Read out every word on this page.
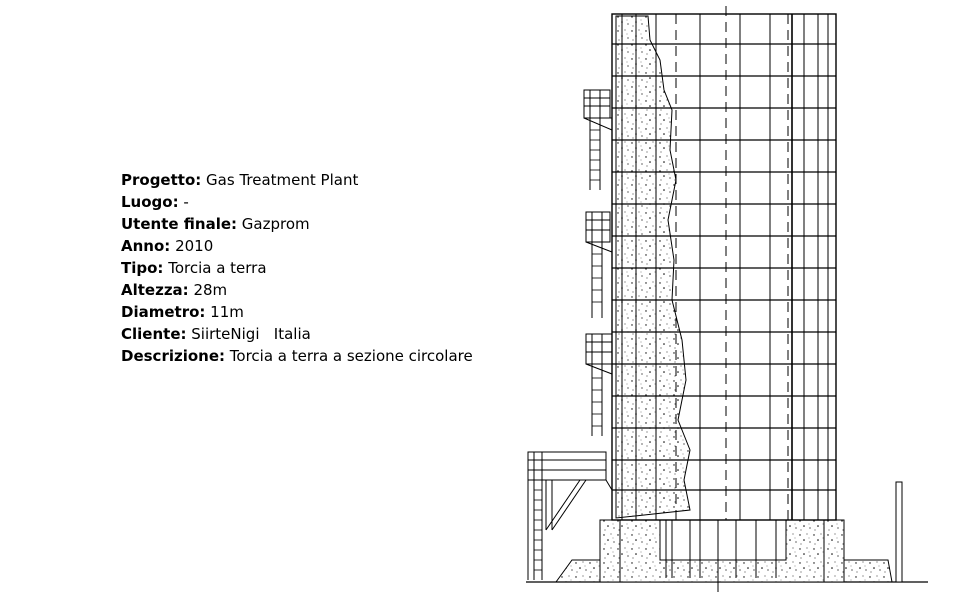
Progetto: Gas Treatment Plant
Luogo: -
Utente finale: Gazprom
Anno: 2010
Tipo: Torcia a terra
Altezza: 28m
Diametro: 11m
Cliente: SiirteNigi   Italia
Descrizione: Torcia a terra a sezione circolare
